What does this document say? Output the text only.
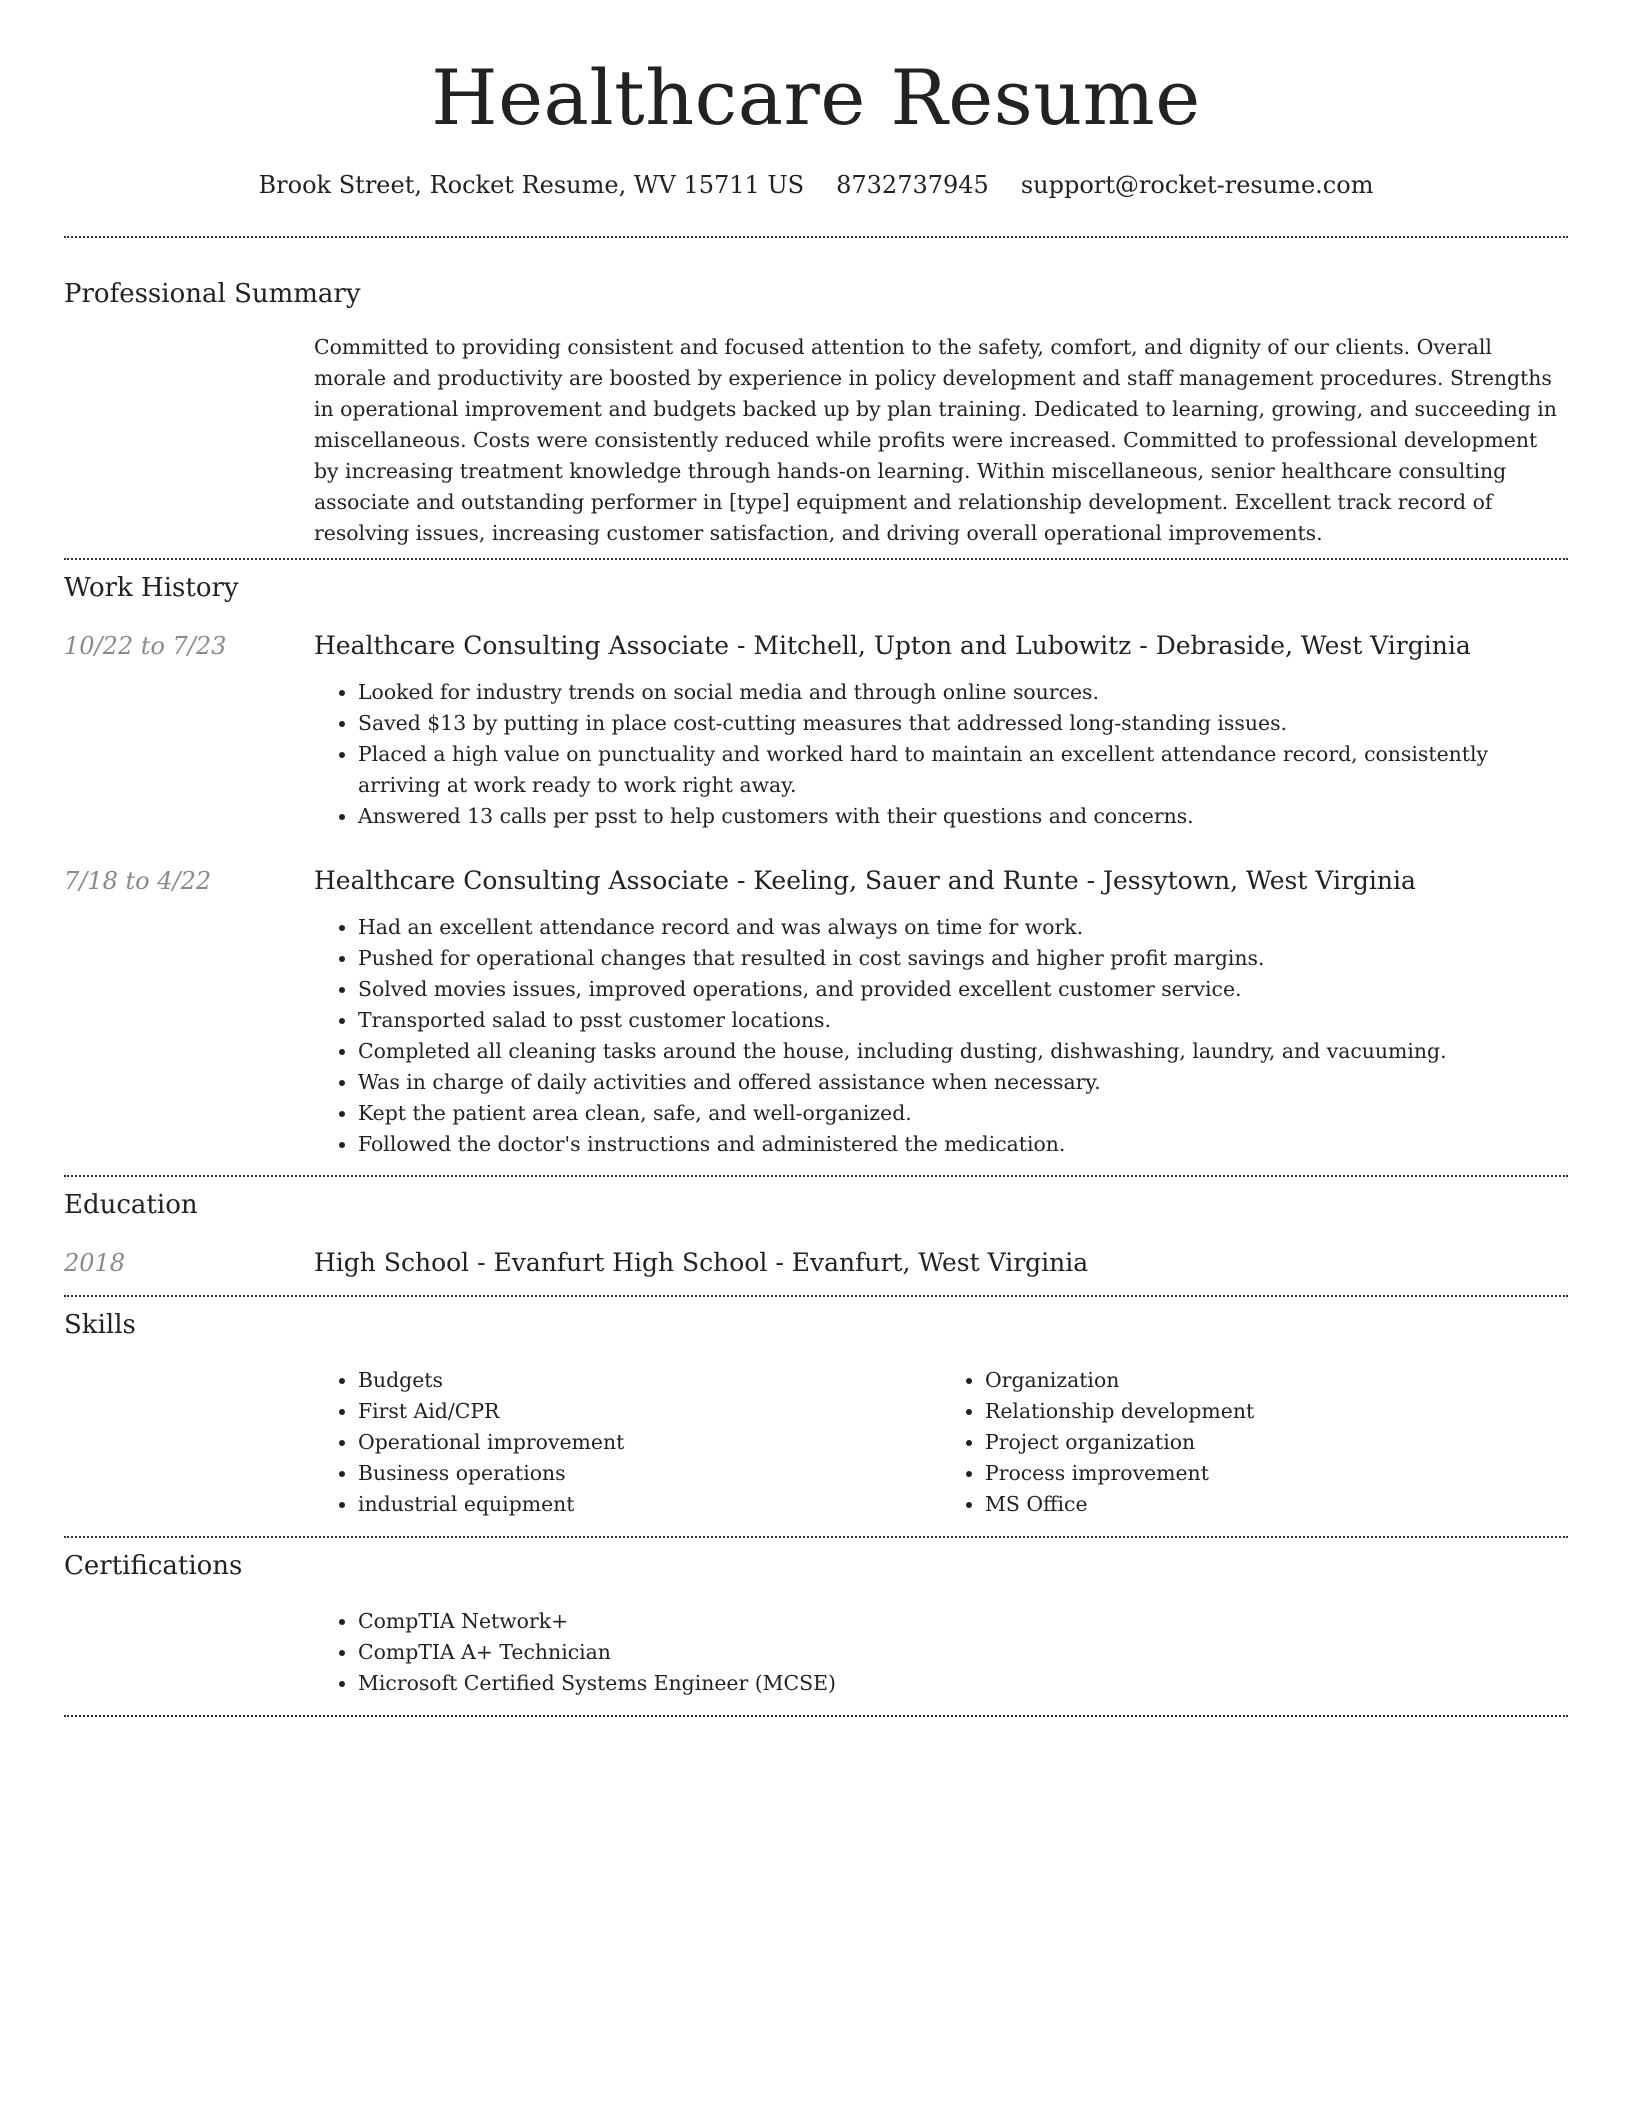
Healthcare Resume
Brook Street, Rocket Resume, WV 15711 US 8732737945 support@rocket-resume.com
Professional Summary

Committed to providing consistent and focused attention to the safety, comfort, and dignity of our clients. Overall morale and productivity are boosted by experience in policy development and staff management procedures. Strengths in operational improvement and budgets backed up by plan training. Dedicated to learning, growing, and succeeding in miscellaneous. Costs were consistently reduced while profits were increased. Committed to professional development by increasing treatment knowledge through hands-on learning. Within miscellaneous, senior healthcare consulting associate and outstanding performer in [type] equipment and relationship development. Excellent track record of resolving issues, increasing customer satisfaction, and driving overall operational improvements.

Work History
10/22 to 7/23	Healthcare Consulting Associate - Mitchell, Upton and Lubowitz - Debraside, West Virginia
• Looked for industry trends on social media and through online sources.
• Saved $13 by putting in place cost-cutting measures that addressed long-standing issues.
• Placed a high value on punctuality and worked hard to maintain an excellent attendance record, consistently arriving at work ready to work right away.
• Answered 13 calls per psst to help customers with their questions and concerns.
7/18 to 4/22	Healthcare Consulting Associate - Keeling, Sauer and Runte - Jessytown, West Virginia
• Had an excellent attendance record and was always on time for work.
• Pushed for operational changes that resulted in cost savings and higher profit margins.
• Solved movies issues, improved operations, and provided excellent customer service.
• Transported salad to psst customer locations.
• Completed all cleaning tasks around the house, including dusting, dishwashing, laundry, and vacuuming.
• Was in charge of daily activities and offered assistance when necessary.
• Kept the patient area clean, safe, and well-organized.
• Followed the doctor's instructions and administered the medication.
Education
2018	High School - Evanfurt High School - Evanfurt, West Virginia
Skills
• Budgets
• First Aid/CPR
• Operational improvement
• Business operations
• industrial equipment
• Organization
• Relationship development
• Project organization
• Process improvement
• MS Office
Certifications
• CompTIA Network+
• CompTIA A+ Technician
• Microsoft Certified Systems Engineer (MCSE)
